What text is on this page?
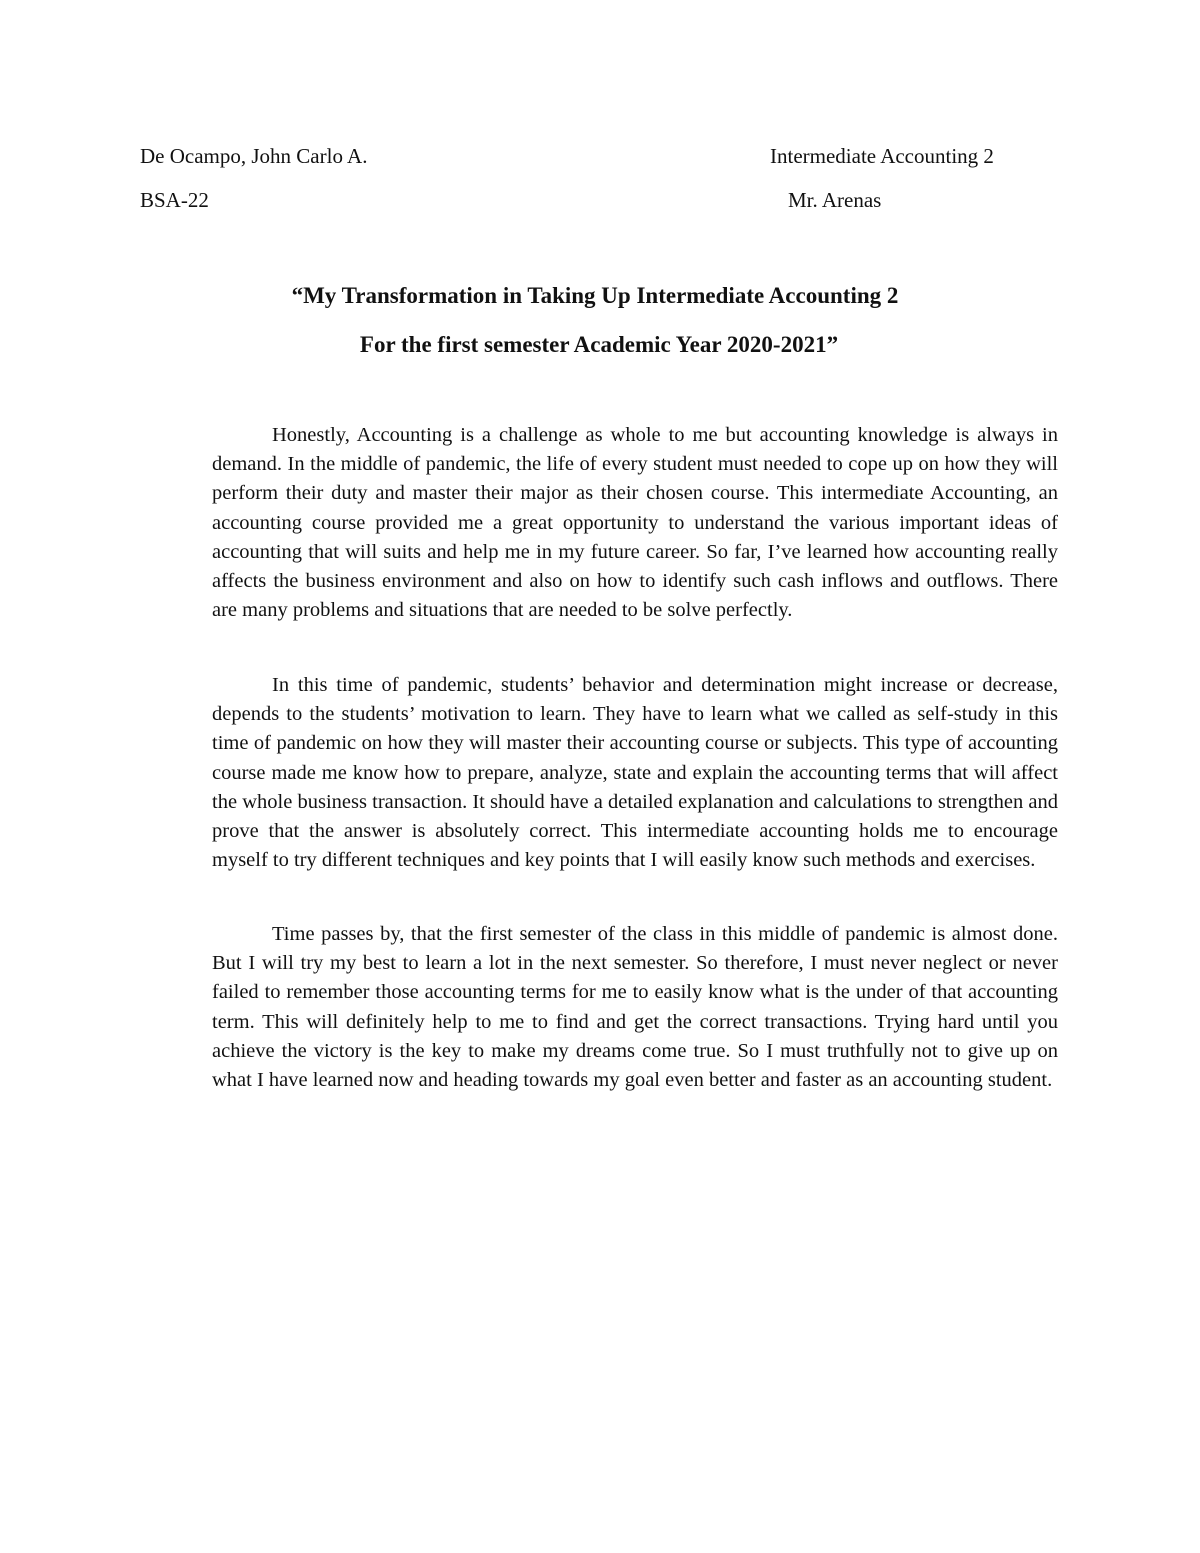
De Ocampo, John Carlo A.	Intermediate Accounting 2
BSA-22	Mr. Arenas
“My Transformation in Taking Up Intermediate Accounting 2
For the first semester Academic Year 2020-2021”

Honestly, Accounting is a challenge as whole to me but accounting knowledge is always in demand. In the middle of pandemic, the life of every student must needed to cope up on how they will perform their duty and master their major as their chosen course. This intermediate Accounting, an accounting course provided me a great opportunity to understand the various important ideas of accounting that will suits and help me in my future career. So far, I’ve learned how accounting really affects the business environment and also on how to identify such cash inflows and outflows. There are many problems and situations that are needed to be solve perfectly.

In this time of pandemic, students’ behavior and determination might increase or decrease, depends to the students’ motivation to learn. They have to learn what we called as self-study in this time of pandemic on how they will master their accounting course or subjects. This type of accounting course made me know how to prepare, analyze, state and explain the accounting terms that will affect the whole business transaction. It should have a detailed explanation and calculations to strengthen and prove that the answer is absolutely correct. This intermediate accounting holds me to encourage myself to try different techniques and key points that I will easily know such methods and exercises.

Time passes by, that the first semester of the class in this middle of pandemic is almost done. But I will try my best to learn a lot in the next semester. So therefore, I must never neglect or never failed to remember those accounting terms for me to easily know what is the under of that accounting term. This will definitely help to me to find and get the correct transactions. Trying hard until you achieve the victory is the key to make my dreams come true. So I must truthfully not to give up on what I have learned now and heading towards my goal even better and faster as an accounting student.
